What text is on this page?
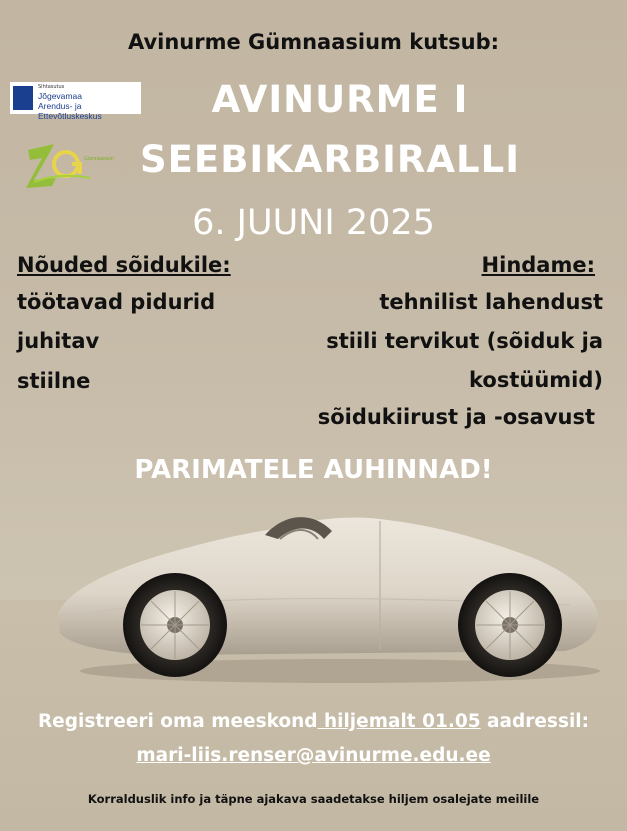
Avinurme Gümnaasium kutsub:
Sihtasutus
Jõgevamaa
Arendus- ja Ettevõtluskeskus
Gümnaasium
AVINURME I
SEEBIKARBIRALLI
6. JUUNI 2025
Nõuded sõidukile:
töötavad pidurid
juhitav
stiilne
Hindame:
tehnilist lahendust
stiili tervikut (sõiduk ja
kostüümid)
sõidukiirust ja -osavust
PARIMATELE AUHINNAD!
Registreeri oma meeskond hiljemalt 01.05 aadressil:
mari-liis.renser@avinurme.edu.ee
Korralduslik info ja täpne ajakava saadetakse hiljem osalejate meilile
